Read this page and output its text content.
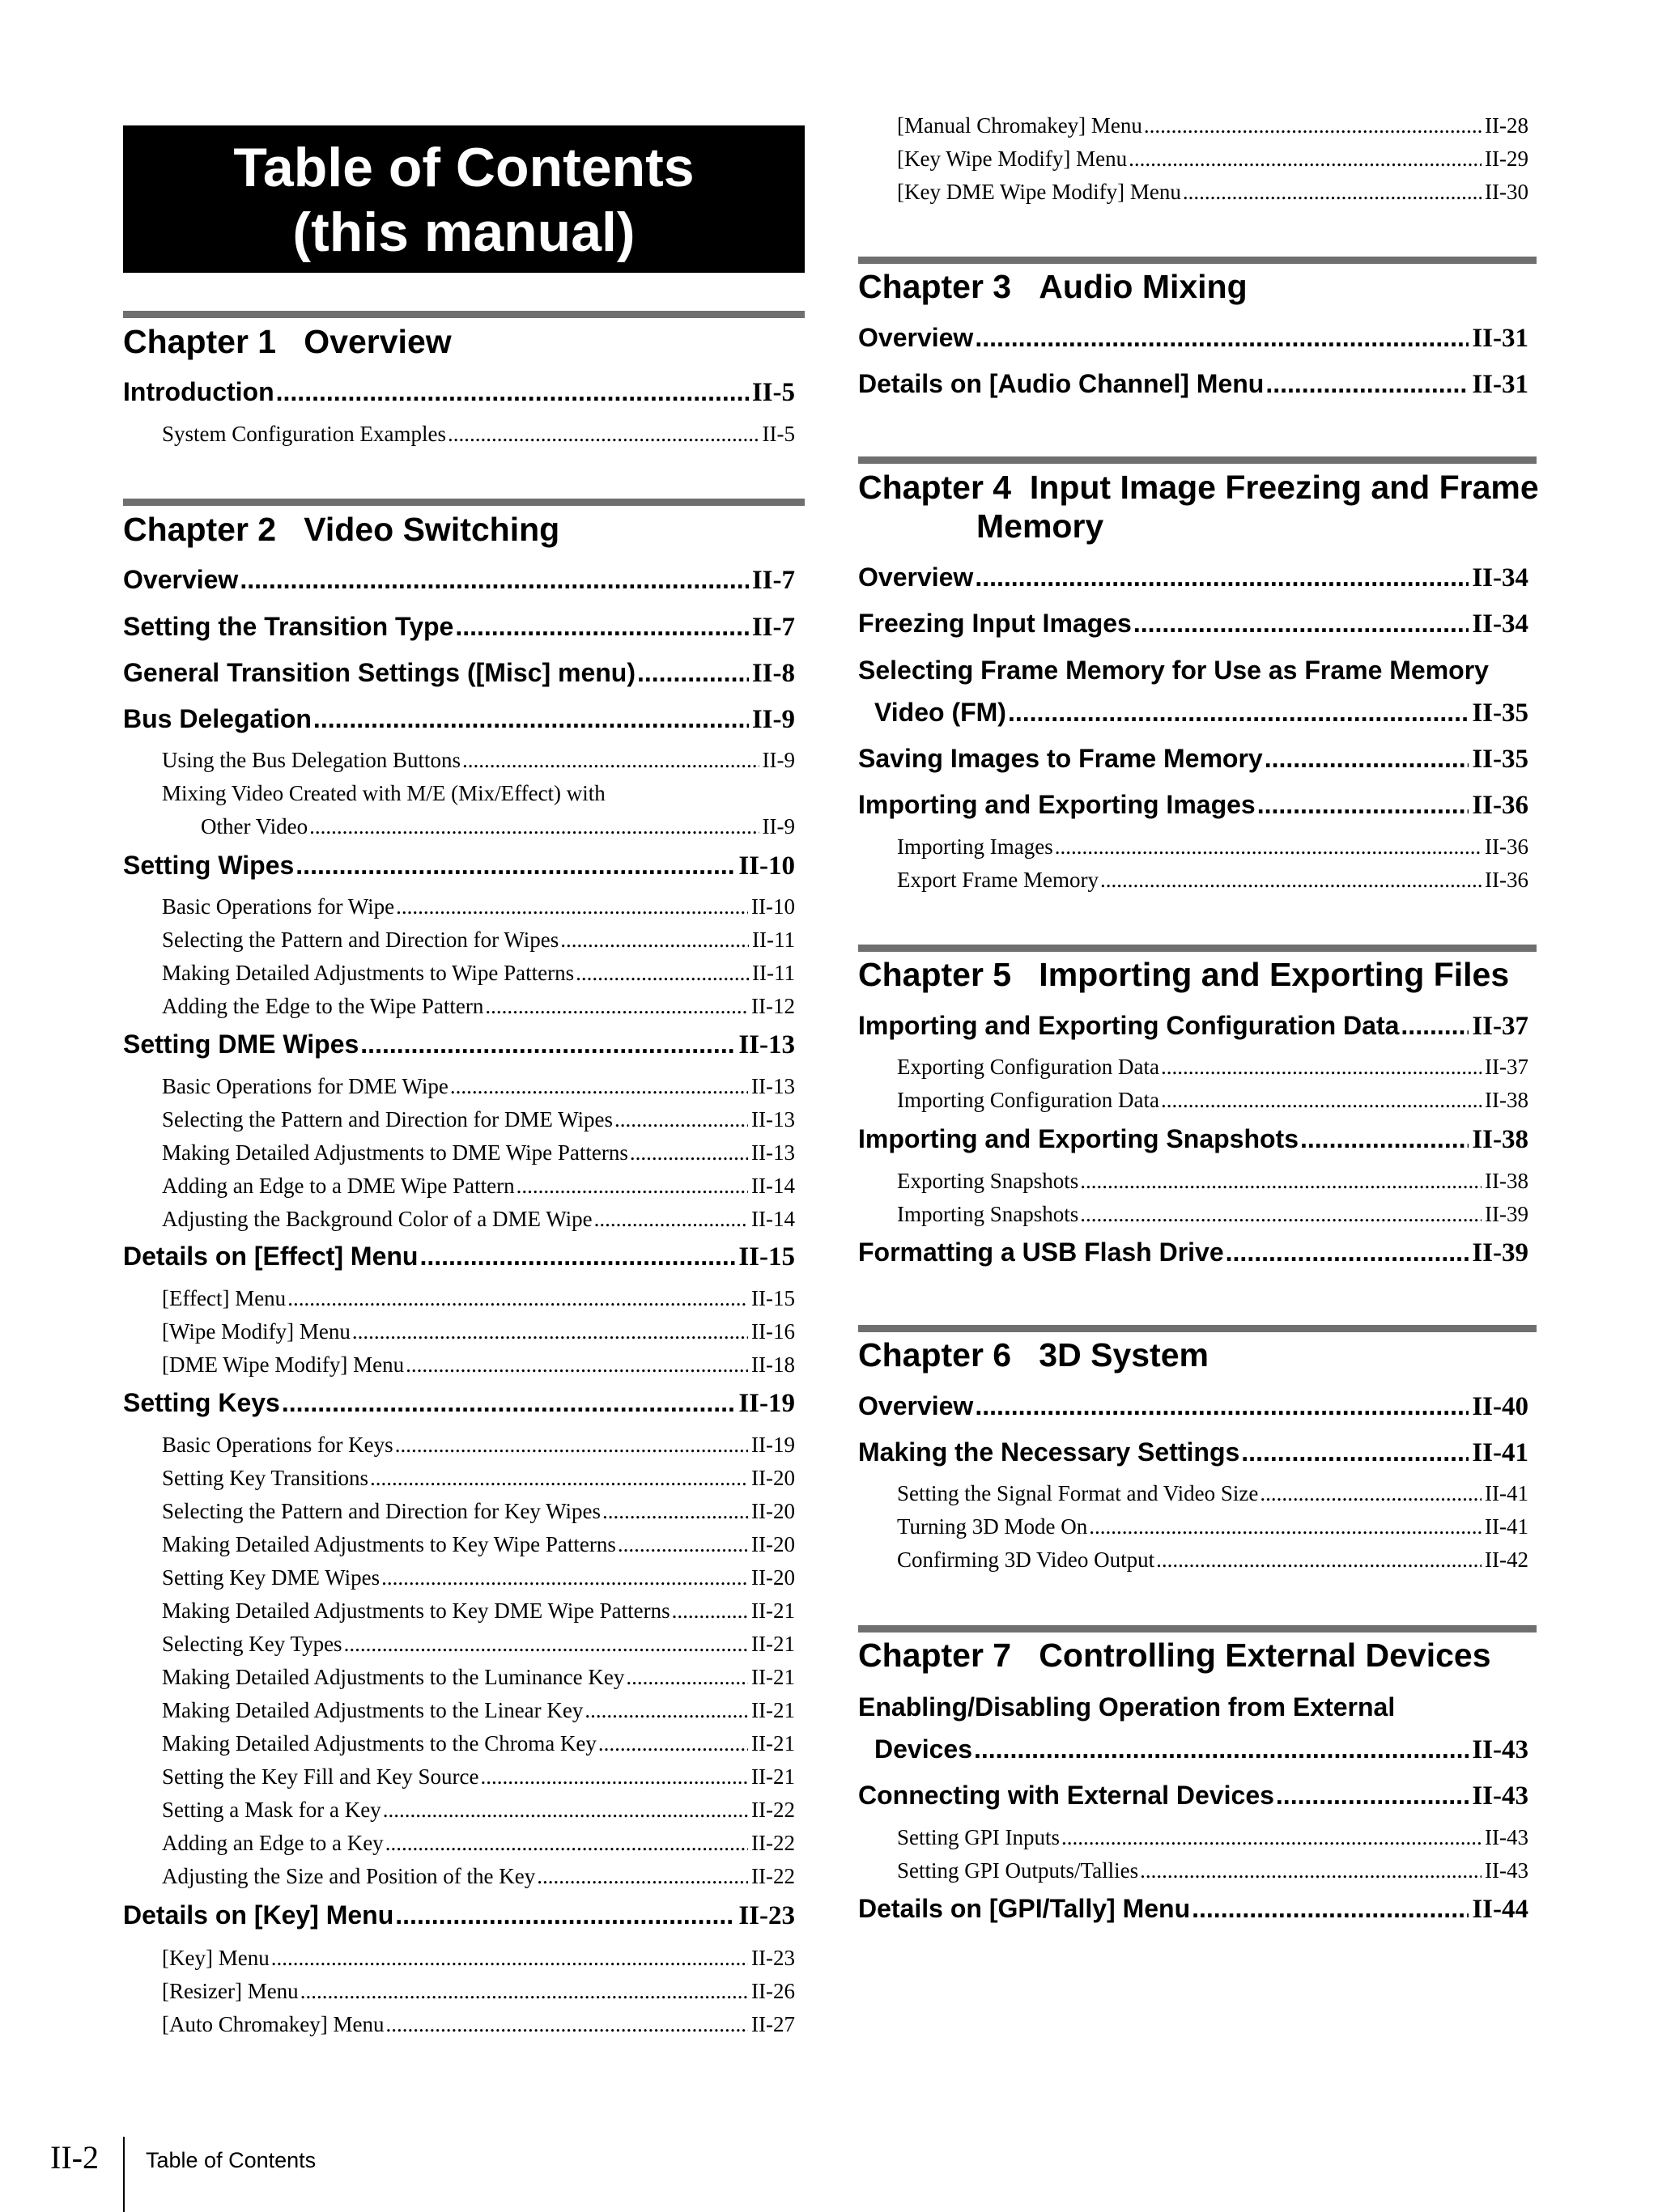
Table of Contents
(this manual)
Chapter 1 Overview
Introduction .....	II-5
System Configuration Examples .....	II-5
Chapter 2 Video Switching
Overview .....	II-7
Setting the Transition Type .....	II-7
General Transition Settings ([Misc] menu) .....	II-8
Bus Delegation .....	II-9
Using the Bus Delegation Buttons .....	II-9
Mixing Video Created with M/E (Mix/Effect) with
Other Video .....	II-9
Setting Wipes .....	II-10
Basic Operations for Wipe .....	II-10
Selecting the Pattern and Direction for Wipes .....	II-11
Making Detailed Adjustments to Wipe Patterns .....	II-11
Adding the Edge to the Wipe Pattern .....	II-12
Setting DME Wipes .....	II-13
Basic Operations for DME Wipe .....	II-13
Selecting the Pattern and Direction for DME Wipes .....	II-13
Making Detailed Adjustments to DME Wipe Patterns .....	II-13
Adding an Edge to a DME Wipe Pattern .....	II-14
Adjusting the Background Color of a DME Wipe .....	II-14
Details on [Effect] Menu .....	II-15
[Effect] Menu .....	II-15
[Wipe Modify] Menu .....	II-16
[DME Wipe Modify] Menu .....	II-18
Setting Keys .....	II-19
Basic Operations for Keys .....	II-19
Setting Key Transitions .....	II-20
Selecting the Pattern and Direction for Key Wipes .....	II-20
Making Detailed Adjustments to Key Wipe Patterns .....	II-20
Setting Key DME Wipes .....	II-20
Making Detailed Adjustments to Key DME Wipe Patterns .....	II-21
Selecting Key Types .....	II-21
Making Detailed Adjustments to the Luminance Key .....	II-21
Making Detailed Adjustments to the Linear Key .....	II-21
Making Detailed Adjustments to the Chroma Key .....	II-21
Setting the Key Fill and Key Source .....	II-21
Setting a Mask for a Key .....	II-22
Adding an Edge to a Key .....	II-22
Adjusting the Size and Position of the Key .....	II-22
Details on [Key] Menu .....	II-23
[Key] Menu .....	II-23
[Resizer] Menu .....	II-26
[Auto Chromakey] Menu .....	II-27
[Manual Chromakey] Menu .....	II-28
[Key Wipe Modify] Menu .....	II-29
[Key DME Wipe Modify] Menu .....	II-30
Chapter 3 Audio Mixing
Overview .....	II-31
Details on [Audio Channel] Menu .....	II-31
Chapter 4 Input Image Freezing and Frame
Memory
Overview .....	II-34
Freezing Input Images .....	II-34
Selecting Frame Memory for Use as Frame Memory
Video (FM) .....	II-35
Saving Images to Frame Memory .....	II-35
Importing and Exporting Images .....	II-36
Importing Images .....	II-36
Export Frame Memory .....	II-36
Chapter 5 Importing and Exporting Files
Importing and Exporting Configuration Data .....	II-37
Exporting Configuration Data .....	II-37
Importing Configuration Data .....	II-38
Importing and Exporting Snapshots .....	II-38
Exporting Snapshots .....	II-38
Importing Snapshots .....	II-39
Formatting a USB Flash Drive .....	II-39
Chapter 6 3D System
Overview .....	II-40
Making the Necessary Settings .....	II-41
Setting the Signal Format and Video Size .....	II-41
Turning 3D Mode On .....	II-41
Confirming 3D Video Output .....	II-42
Chapter 7 Controlling External Devices
Enabling/Disabling Operation from External
Devices .....	II-43
Connecting with External Devices .....	II-43
Setting GPI Inputs .....	II-43
Setting GPI Outputs/Tallies .....	II-43
Details on [GPI/Tally] Menu .....	II-44
II-2 Table of Contents
